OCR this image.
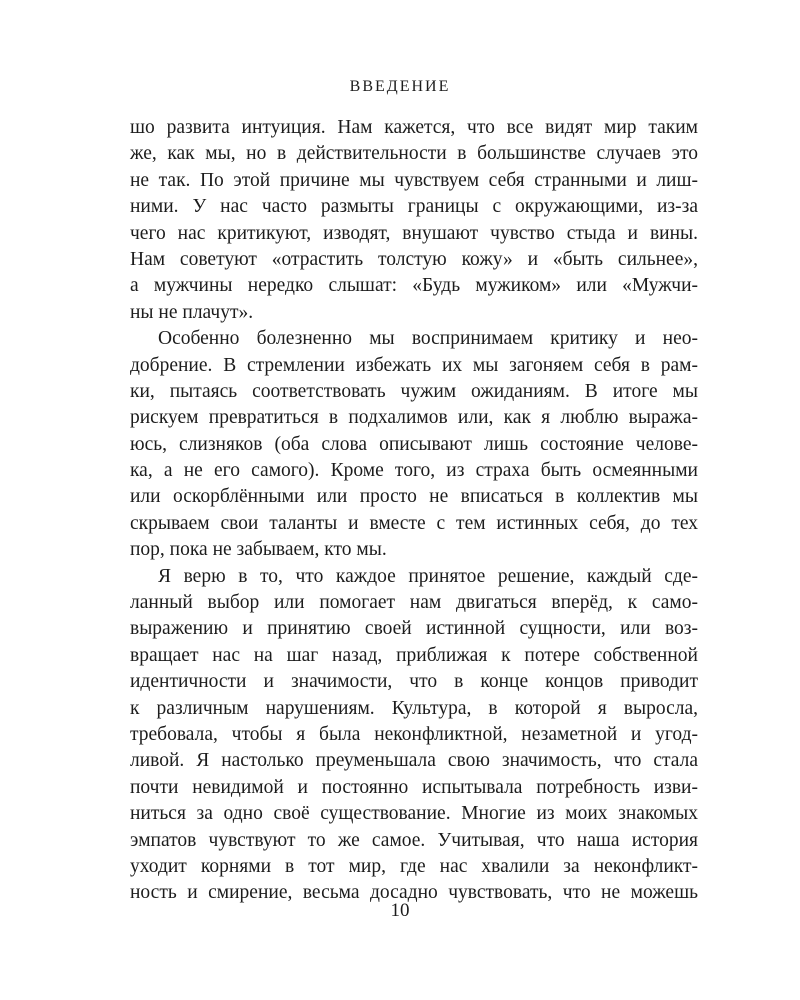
ВВЕДЕНИЕ
шо развита интуиция. Нам кажется, что все видят мир таким
же, как мы, но в действительности в большинстве случаев это
не так. По этой причине мы чувствуем себя странными и лиш-
ними. У нас часто размыты границы с окружающими, из-за
чего нас критикуют, изводят, внушают чувство стыда и вины.
Нам советуют «отрастить толстую кожу» и «быть сильнее»,
а мужчины нередко слышат: «Будь мужиком» или «Мужчи-
ны не плачут».
Особенно болезненно мы воспринимаем критику и нео-
добрение. В стремлении избежать их мы загоняем себя в рам-
ки, пытаясь соответствовать чужим ожиданиям. В итоге мы
рискуем превратиться в подхалимов или, как я люблю выража-
юсь, слизняков (оба слова описывают лишь состояние челове-
ка, а не его самого). Кроме того, из страха быть осмеянными
или оскорблёнными или просто не вписаться в коллектив мы
скрываем свои таланты и вместе с тем истинных себя, до тех
пор, пока не забываем, кто мы.
Я верю в то, что каждое принятое решение, каждый сде-
ланный выбор или помогает нам двигаться вперёд, к само-
выражению и принятию своей истинной сущности, или воз-
вращает нас на шаг назад, приближая к потере собственной
идентичности и значимости, что в конце концов приводит
к различным нарушениям. Культура, в которой я выросла,
требовала, чтобы я была неконфликтной, незаметной и угод-
ливой. Я настолько преуменьшала свою значимость, что стала
почти невидимой и постоянно испытывала потребность изви-
ниться за одно своё существование. Многие из моих знакомых
эмпатов чувствуют то же самое. Учитывая, что наша история
уходит корнями в тот мир, где нас хвалили за неконфликт-
ность и смирение, весьма досадно чувствовать, что не можешь
10
